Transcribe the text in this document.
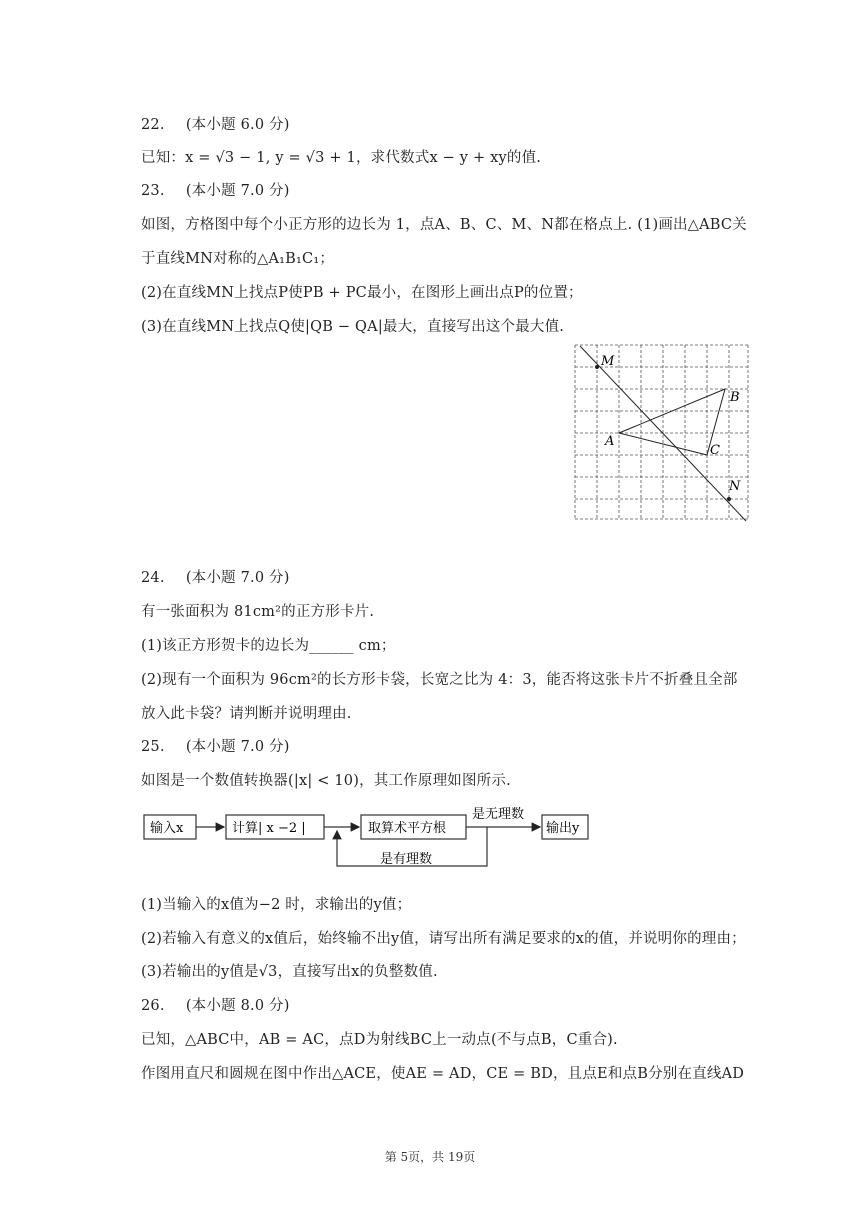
22. (本小题 6.0 分)
已知：x = √3 − 1, y = √3 + 1，求代数式x − y + xy的值.
23. (本小题 7.0 分)
如图，方格图中每个小正方形的边长为 1，点A、B、C、M、N都在格点上. (1)画出△ABC关
于直线MN对称的△A₁B₁C₁；
(2)在直线MN上找点P使PB + PC最小，在图形上画出点P的位置；
(3)在直线MN上找点Q使|QB − QA|最大，直接写出这个最大值.
M
B
A
C
N
24. (本小题 7.0 分)
有一张面积为 81cm²的正方形卡片.
(1)该正方形贺卡的边长为______ cm；
(2)现有一个面积为 96cm²的长方形卡袋，长宽之比为 4：3，能否将这张卡片不折叠且全部
放入此卡袋？请判断并说明理由.
25. (本小题 7.0 分)
如图是一个数值转换器(|x| < 10)，其工作原理如图所示.
输入x	计算| x −2 |	取算术平方根	输出y
是无理数
是有理数
(1)当输入的x值为−2 时，求输出的y值；
(2)若输入有意义的x值后，始终输不出y值，请写出所有满足要求的x的值，并说明你的理由；
(3)若输出的y值是√3，直接写出x的负整数值.
26. (本小题 8.0 分)
已知，△ABC中，AB = AC，点D为射线BC上一动点(不与点B，C重合).
作图用直尺和圆规在图中作出△ACE，使AE = AD，CE = BD，且点E和点B分别在直线AD
第 5页，共 19页
